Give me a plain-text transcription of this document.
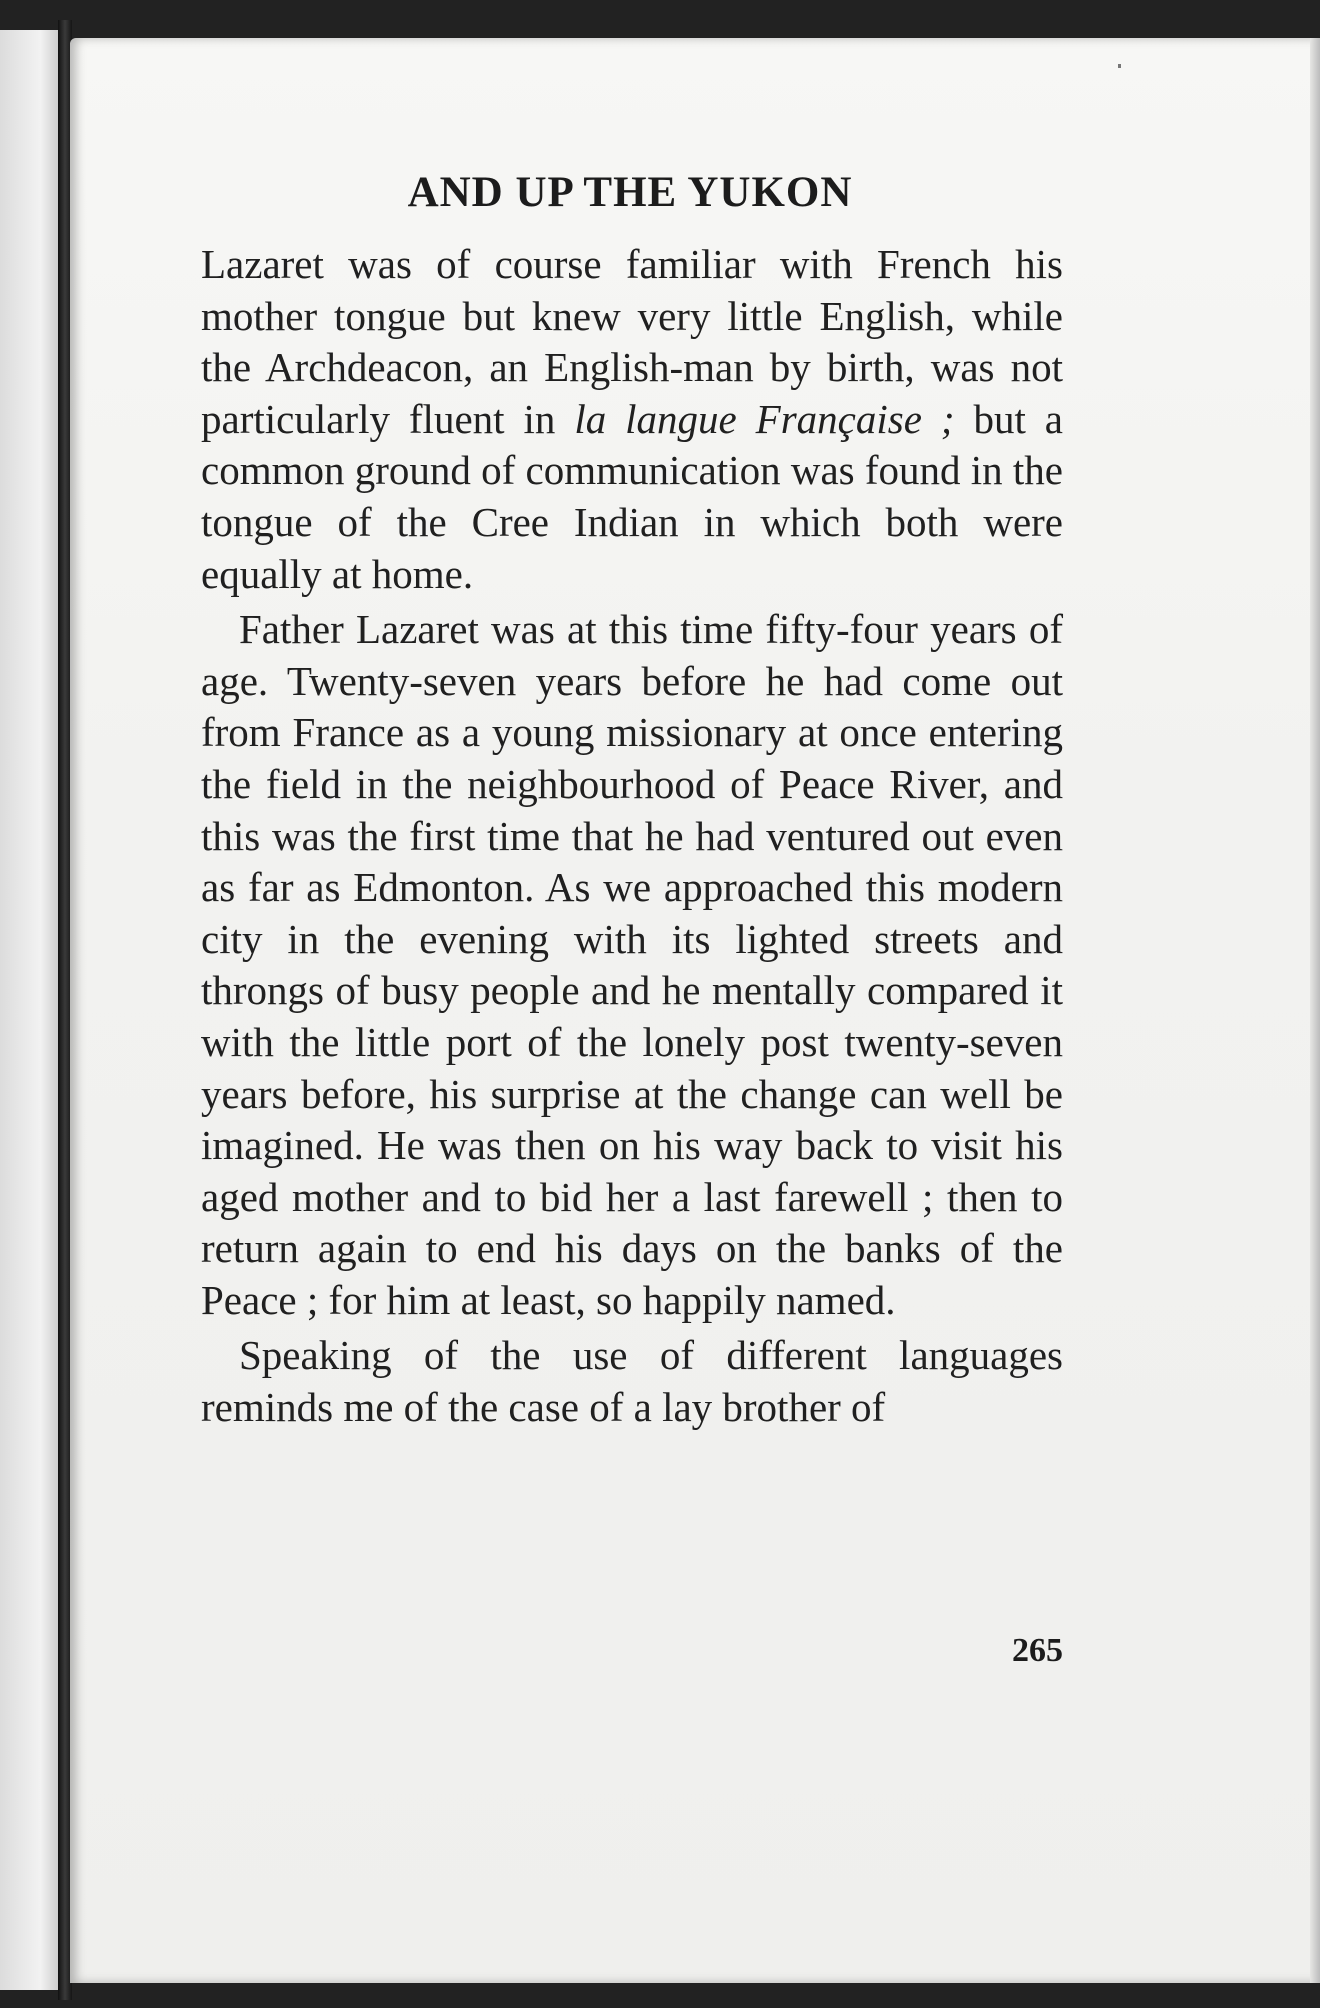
AND UP THE YUKON

Lazaret was of course familiar with French his mother tongue but knew very little English, while the Archdeacon, an English-man by birth, was not particularly fluent in la langue Française ; but a common ground of communication was found in the tongue of the Cree Indian in which both were equally at home.

Father Lazaret was at this time fifty-four years of age. Twenty-seven years before he had come out from France as a young missionary at once entering the field in the neighbourhood of Peace River, and this was the first time that he had ventured out even as far as Edmonton. As we approached this modern city in the evening with its lighted streets and throngs of busy people and he mentally compared it with the little port of the lonely post twenty-seven years before, his surprise at the change can well be imagined. He was then on his way back to visit his aged mother and to bid her a last farewell ; then to return again to end his days on the banks of the Peace ; for him at least, so happily named.

Speaking of the use of different languages reminds me of the case of a lay brother of

265
